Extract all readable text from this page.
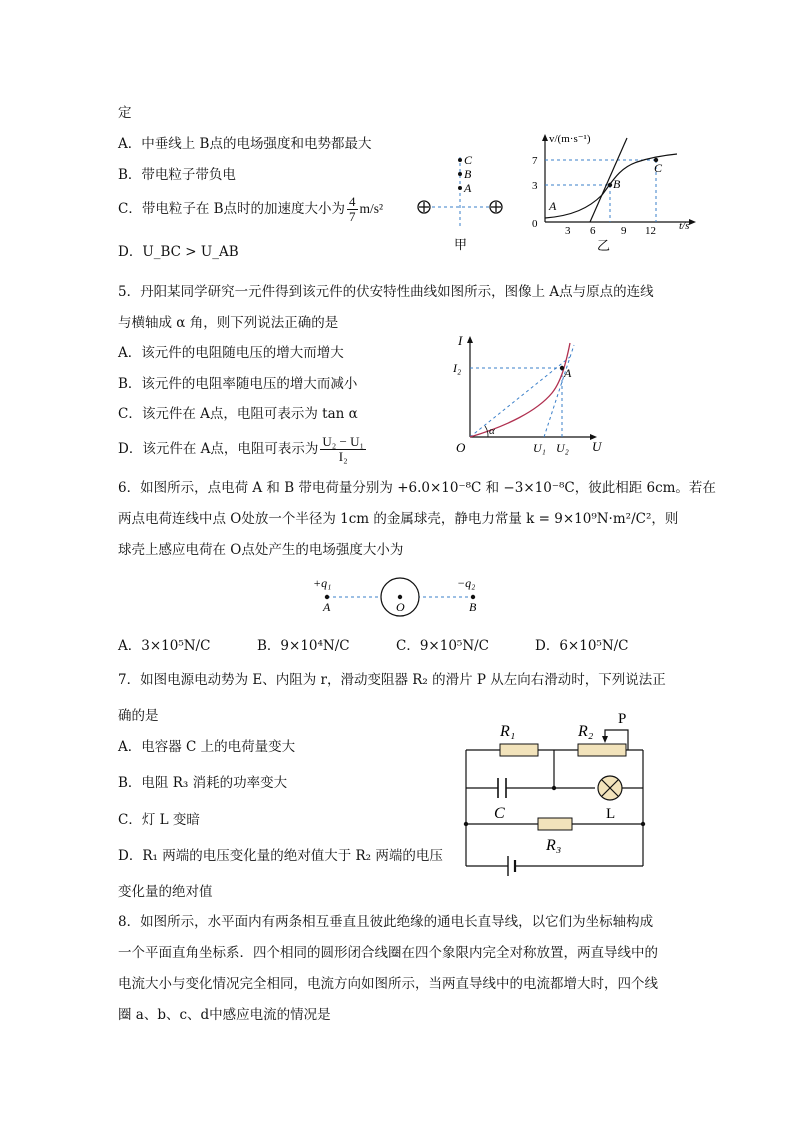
定
A．中垂线上 B点的电场强度和电势都最大
B．带电粒子带负电
C．带电粒子在 B点时的加速度大小为 $\frac{4}{7} m/s^2$
D．U_BC > U_AB
C
B
A
甲
v/(m·s⁻¹)
t/s
A
B
C
7
3
0
3 6 9 12
乙
5．丹阳某同学研究一元件得到该元件的伏安特性曲线如图所示，图像上 A点与原点的连线
与横轴成 α 角，则下列说法正确的是
A．该元件的电阻随电压的增大而增大
B．该元件的电阻率随电压的增大而减小
C．该元件在 A点，电阻可表示为 tan α
D．该元件在 A点，电阻可表示为 $\frac{\text{U₂ − U₁}}{\text{I₂}}$
I
U
O
A
I₂
U₁ U₂
α
6．如图所示，点电荷 A 和 B 带电荷量分别为 +6.0×10⁻⁸C 和 −3×10⁻⁸C，彼此相距 6cm。若在
两点电荷连线中点 O处放一个半径为 1cm 的金属球壳，静电力常量 k = 9×10⁹N·m²/C²，则
球壳上感应电荷在 O点处产生的电场强度大小为
+q₁	−q₂
A	O	B
A．3×10⁵N/C	B．9×10⁴N/C	C．9×10⁵N/C	D．6×10⁵N/C
7．如图电源电动势为 E、内阻为 r，滑动变阻器 R₂ 的滑片 P 从左向右滑动时，下列说法正
确的是
A．电容器 C 上的电荷量变大
B．电阻 R₃ 消耗的功率变大
C．灯 L 变暗
D．R₁ 两端的电压变化量的绝对值大于 R₂ 两端的电压
变化量的绝对值
P
R₁	R₂
C	L
R₃
8．如图所示，水平面内有两条相互垂直且彼此绝缘的通电长直导线，以它们为坐标轴构成
一个平面直角坐标系．四个相同的圆形闭合线圈在四个象限内完全对称放置，两直导线中的
电流大小与变化情况完全相同，电流方向如图所示，当两直导线中的电流都增大时，四个线
圈 a、b、c、d中感应电流的情况是
